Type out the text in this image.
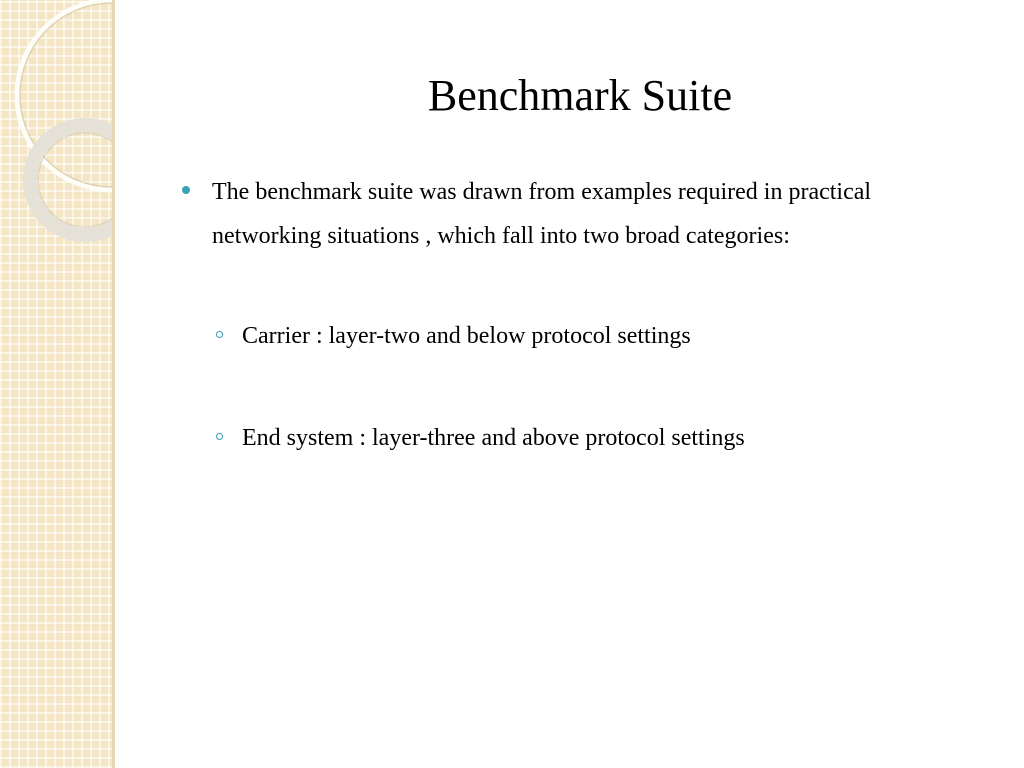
Benchmark Suite
The benchmark suite was drawn from examples required in practical networking situations , which fall into two broad categories:
Carrier : layer-two and below protocol settings
End system : layer-three and above protocol settings
